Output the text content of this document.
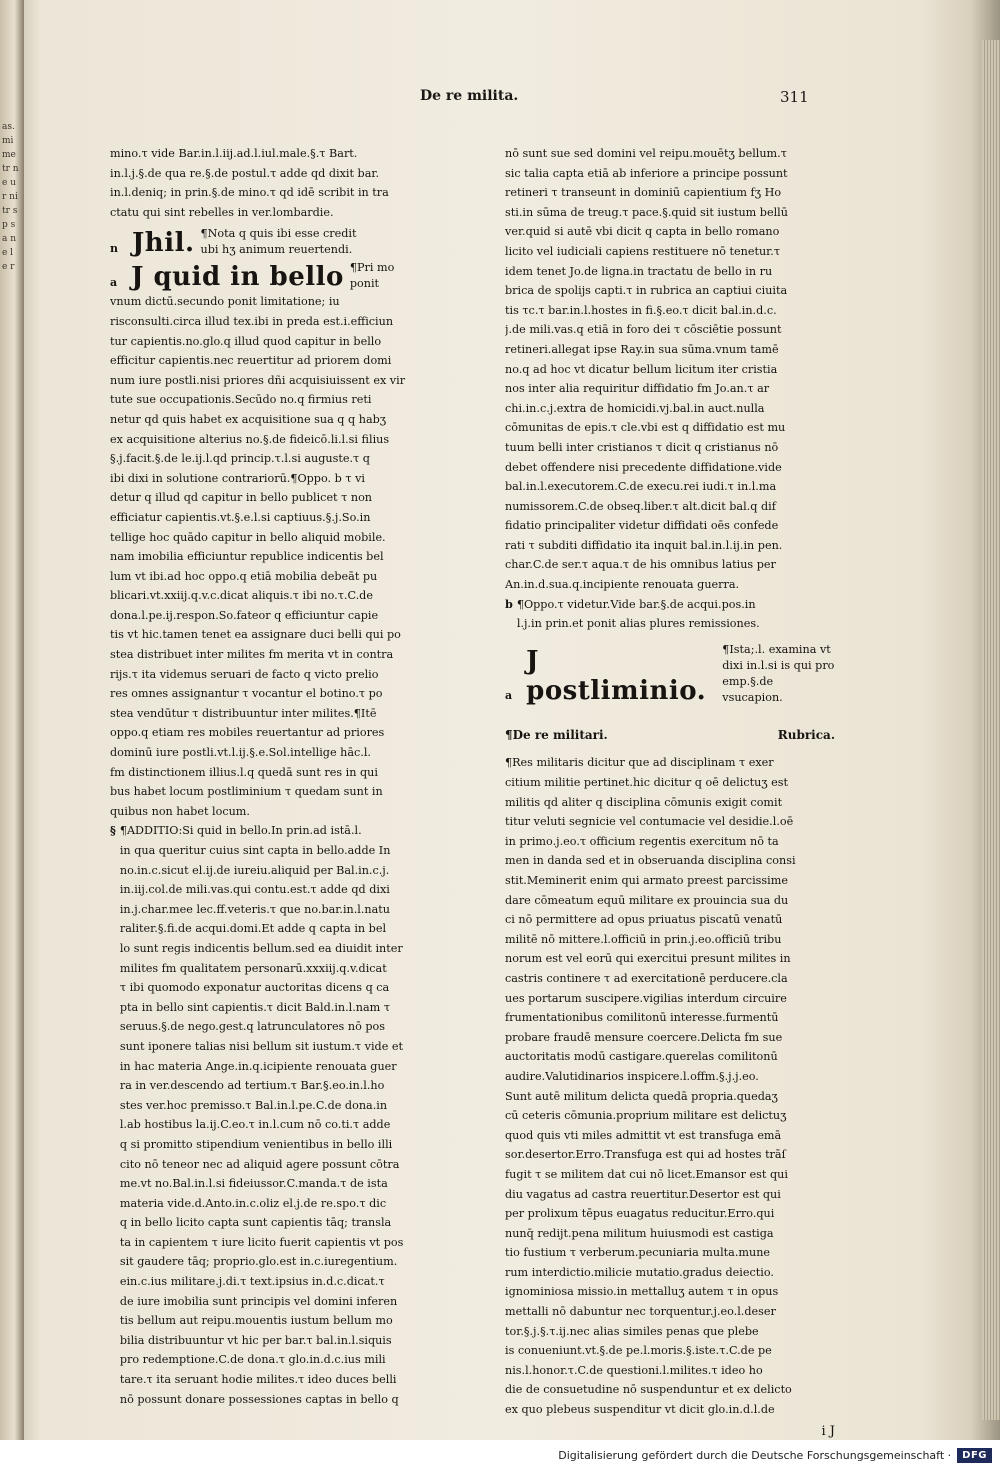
as. mi me tr ne ur ni tr s p s a ne l e r
De re milita.	311
mino.τ vide Bar.in.l.iij.ad.l.iul.male.§.τ Bart.
in.l.j.§.de qua re.§.de postul.τ adde qd dixit bar.
in.l.deniq; in prin.§.de mino.τ qd idē scribit in tra
ctatu qui sint rebelles in ver.lombardie.
n Jhil. ¶Nota q quis ibi esse credit ubi hʒ animum reuertendi.
a J quid in bello ¶Pri mo ponit
vnum dictū.secundo ponit limitatione; iu
risconsulti.circa illud tex.ibi in preda est.i.efficiun
tur capientis.no.glo.q illud quod capitur in bello
efficitur capientis.nec reuertitur ad priorem domi
num iure postli.nisi priores dñi acquisiuissent ex vir
tute sue occupationis.Secūdo no.q firmius reti
netur qd quis habet ex acquisitione sua q q habʒ
ex acquisitione alterius no.§.de fideicō.li.l.si filius
§.j.facit.§.de le.ij.l.qd princip.τ.l.si auguste.τ q
ibi dixi in solutione contrariorū.¶Oppo. b τ vi
detur q illud qd capitur in bello publicet τ non
efficiatur capientis.vt.§.e.l.si captiuus.§.j.So.in
tellige hoc quādo capitur in bello aliquid mobile.
nam imobilia efficiuntur republice indicentis bel
lum vt ibi.ad hoc oppo.q etiā mobilia debeāt pu
blicari.vt.xxiij.q.v.c.dicat aliquis.τ ibi no.τ.C.de
dona.l.pe.ij.respon.So.fateor q efficiuntur capie
tis vt hic.tamen tenet ea assignare duci belli qui po
stea distribuet inter milites fm merita vt in contra
rijs.τ ita videmus seruari de facto q victo prelio
res omnes assignantur τ vocantur el botino.τ po
stea vendūtur τ distribuuntur inter milites.¶Itē
oppo.q etiam res mobiles reuertantur ad priores
dominū iure postli.vt.l.ij.§.e.Sol.intellige hāc.l.
fm distinctionem illius.l.q quedā sunt res in qui
bus habet locum postliminium τ quedam sunt in
quibus non habet locum.
§ ¶ADDITIO:Si quid in bello.In prin.ad istā.l.
in qua queritur cuius sint capta in bello.adde In
no.in.c.sicut el.ij.de iureiu.aliquid per Bal.in.c.j.
in.iij.col.de mili.vas.qui contu.est.τ adde qd dixi
in.j.char.mee lec.ff.veteris.τ que no.bar.in.l.natu
raliter.§.fi.de acqui.domi.Et adde q capta in bel
lo sunt regis indicentis bellum.sed ea diuidit inter
milites fm qualitatem personarū.xxxiij.q.v.dicat
τ ibi quomodo exponatur auctoritas dicens q ca
pta in bello sint capientis.τ dicit Bald.in.l.nam τ
seruus.§.de nego.gest.q latrunculatores nō pos
sunt iponere talias nisi bellum sit iustum.τ vide et
in hac materia Ange.in.q.icipiente renouata guer
ra in ver.descendo ad tertium.τ Bar.§.eo.in.l.ho
stes ver.hoc premisso.τ Bal.in.l.pe.C.de dona.in
l.ab hostibus la.ij.C.eo.τ in.l.cum nō co.ti.τ adde
q si promitto stipendium venientibus in bello illi
cito nō teneor nec ad aliquid agere possunt cōtra
me.vt no.Bal.in.l.si fideiussor.C.manda.τ de ista
materia vide.d.Anto.in.c.oliz el.j.de re.spo.τ dic
q in bello licito capta sunt capientis tāq; transla
ta in capientem τ iure licito fuerit capientis vt pos
sit gaudere tāq; proprio.glo.est in.c.iuregentium.
ein.c.ius militare.j.di.τ text.ipsius in.d.c.dicat.τ
de iure imobilia sunt principis vel domini inferen
tis bellum aut reipu.mouentis iustum bellum mo
bilia distribuuntur vt hic per bar.τ bal.in.l.siquis
pro redemptione.C.de dona.τ glo.in.d.c.ius mili
tare.τ ita seruant hodie milites.τ ideo duces belli
nō possunt donare possessiones captas in bello q
nō sunt sue sed domini vel reipu.mouētʒ bellum.τ
sic talia capta etiā ab inferiore a principe possunt
retineri τ transeunt in dominiū capientium fʒ Ho
sti.in sūma de treug.τ pace.§.quid sit iustum bellū
ver.quid si autē vbi dicit q capta in bello romano
licito vel iudiciali capiens restituere nō tenetur.τ
idem tenet Jo.de ligna.in tractatu de bello in ru
brica de spolijs capti.τ in rubrica an captiui ciuita
tis τc.τ bar.in.l.hostes in fi.§.eo.τ dicit bal.in.d.c.
j.de mili.vas.q etiā in foro dei τ cōsciētie possunt
retineri.allegat ipse Ray.in sua sūma.vnum tamē
no.q ad hoc vt dicatur bellum licitum iter cristia
nos inter alia requiritur diffidatio fm Jo.an.τ ar
chi.in.c.j.extra de homicidi.vj.bal.in auct.nulla
cōmunitas de epis.τ cle.vbi est q diffidatio est mu
tuum belli inter cristianos τ dicit q cristianus nō
debet offendere nisi precedente diffidatione.vide
bal.in.l.executorem.C.de execu.rei iudi.τ in.l.ma
numissorem.C.de obseq.liber.τ alt.dicit bal.q dif
fidatio principaliter videtur diffidati oēs confede
rati τ subditi diffidatio ita inquit bal.in.l.ij.in pen.
char.C.de ser.τ aqua.τ de his omnibus latius per
An.in.d.sua.q.incipiente renouata guerra.
b ¶Oppo.τ videtur.Vide bar.§.de acqui.pos.in
l.j.in prin.et ponit alias plures remissiones.
a
J postliminio.
¶Ista;.l. examina vt dixi in.l.si is qui pro emp.§.de vsucapion.
¶De re militari.	Rubrica.
¶Res militaris dicitur que ad disciplinam τ exer
citium militie pertinet.hic dicitur q oē delictuʒ est
militis qd aliter q disciplina cōmunis exigit comit
titur veluti segnicie vel contumacie vel desidie.l.oē
in primo.j.eo.τ officium regentis exercitum nō ta
men in danda sed et in obseruanda disciplina consi
stit.Meminerit enim qui armato preest parcissime
dare cōmeatum equū militare ex prouincia sua du
ci nō permittere ad opus priuatus piscatū venatū
militē nō mittere.l.officiū in prin.j.eo.officiū tribu
norum est vel eorū qui exercitui presunt milites in
castris continere τ ad exercitationē perducere.cla
ues portarum suscipere.vigilias interdum circuire
frumentationibus comilitonū interesse.furmentū
probare fraudē mensure coercere.Delicta fm sue
auctoritatis modū castigare.querelas comilitonū
audire.Valutidinarios inspicere.l.offm.§.j.j.eo.
Sunt autē militum delicta quedā propria.quedaʒ
cū ceteris cōmunia.proprium militare est delictuʒ
quod quis vti miles admittit vt est transfuga emā
sor.desertor.Erro.Transfuga est qui ad hostes trāſ
fugit τ se militem dat cui nō licet.Emansor est qui
diu vagatus ad castra reuertitur.Desertor est qui
per prolixum tēpus euagatus reducitur.Erro.qui
nunq̄ redijt.pena militum huiusmodi est castiga
tio fustium τ verberum.pecuniaria multa.mune
rum interdictio.milicie mutatio.gradus deiectio.
ignominiosa missio.in mettalluʒ autem τ in opus
mettalli nō dabuntur nec torquentur.j.eo.l.deser
tor.§.j.§.τ.ij.nec alias similes penas que plebe
is conueniunt.vt.§.de pe.l.moris.§.iste.τ.C.de pe
nis.l.honor.τ.C.de questioni.l.milites.τ ideo ho
die de consuetudine nō suspenduntur et ex delicto
ex quo plebeus suspenditur vt dicit glo.in.d.l.de
i J
Digitalisierung gefördert durch die Deutsche Forschungsgemeinschaft ·	DFG
